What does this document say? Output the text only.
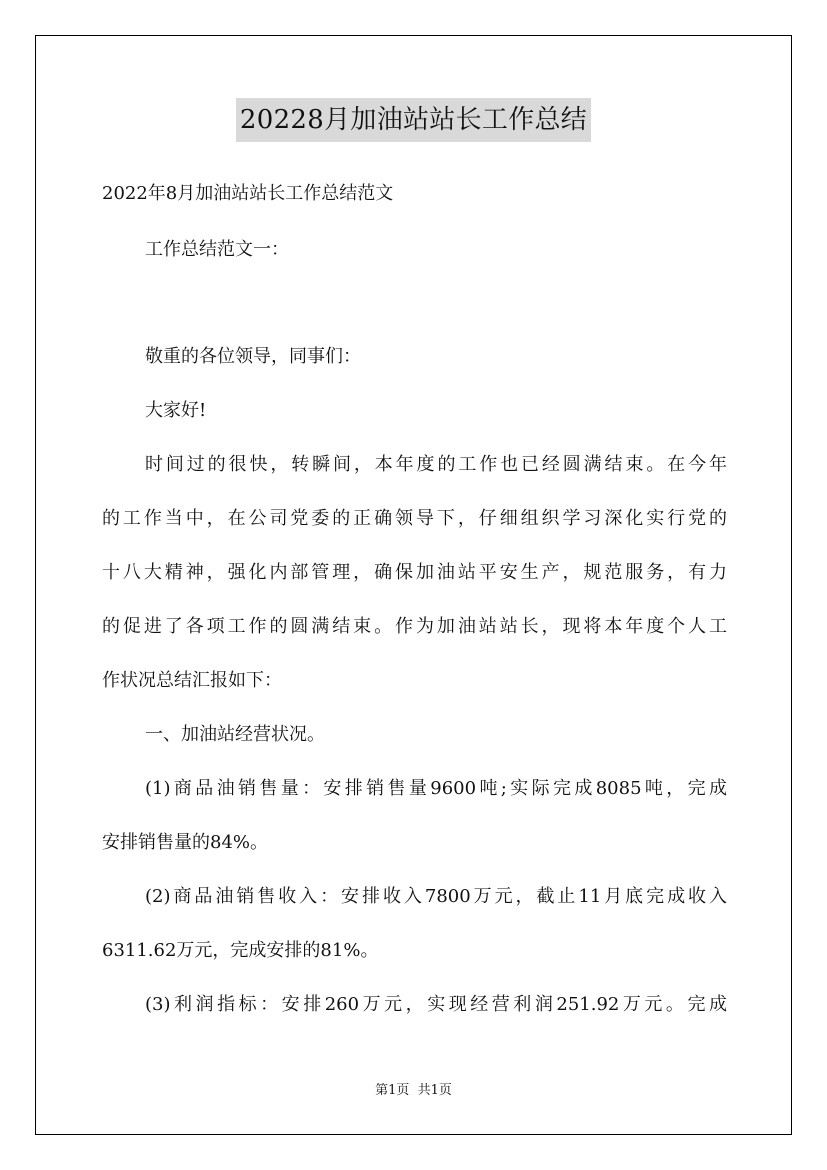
20228月加油站站长工作总结
2022年8月加油站站长工作总结范文
工作总结范文一：
敬重的各位领导，同事们：
大家好!
时间过的很快，转瞬间，本年度的工作也已经圆满结束。在今年
的工作当中，在公司党委的正确领导下，仔细组织学习深化实行党的
十八大精神，强化内部管理，确保加油站平安生产，规范服务，有力
的促进了各项工作的圆满结束。作为加油站站长，现将本年度个人工
作状况总结汇报如下：
一、加油站经营状况。
(1)商品油销售量：安排销售量9600吨;实际完成8085吨，完成
安排销售量的84%。
(2)商品油销售收入：安排收入7800万元，截止11月底完成收入
6311.62万元，完成安排的81%。
(3)利润指标：安排260万元，实现经营利润251.92万元。完成
第1页  共1页
